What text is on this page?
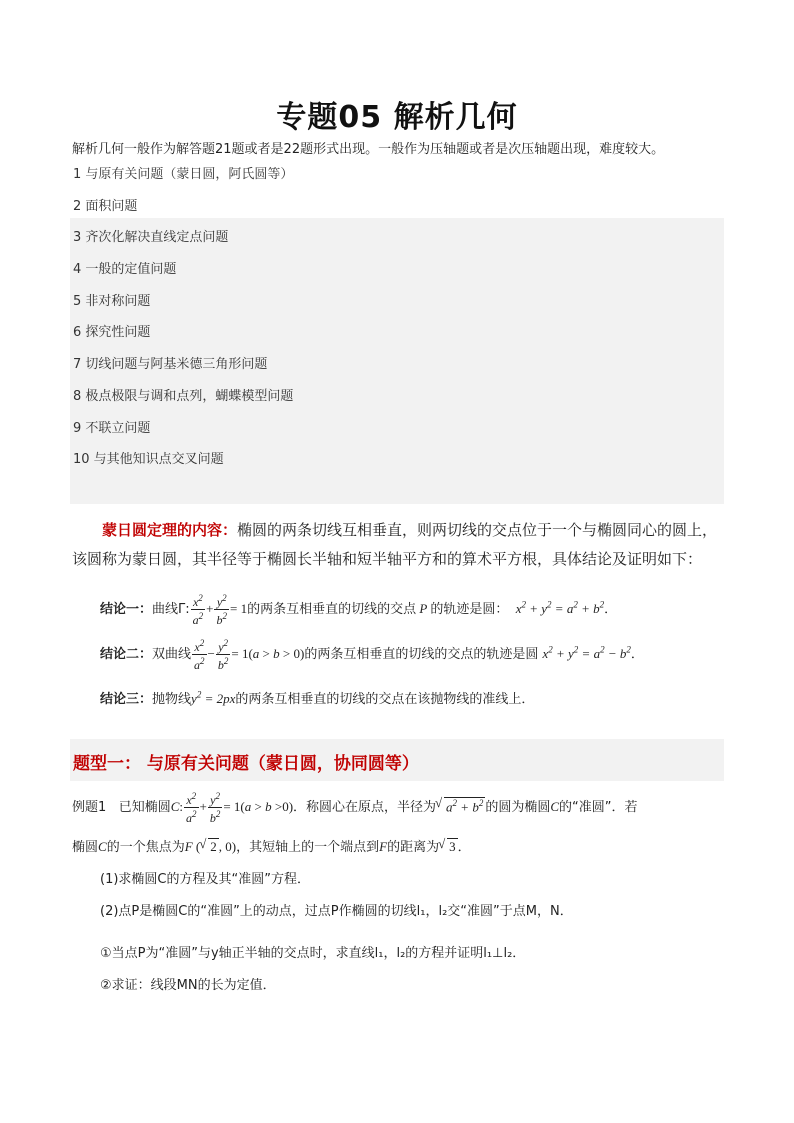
专题05 解析几何
解析几何一般作为解答题21题或者是22题形式出现。一般作为压轴题或者是次压轴题出现，难度较大。
1 与原有关问题（蒙日圆，阿氏圆等）
2 面积问题
3 齐次化解决直线定点问题
4 一般的定值问题
5 非对称问题
6 探究性问题
7 切线问题与阿基米德三角形问题
8 极点极限与调和点列，蝴蝶模型问题
9 不联立问题
10 与其他知识点交叉问题
蒙日圆定理的内容：椭圆的两条切线互相垂直，则两切线的交点位于一个与椭圆同心的圆上，该圆称为蒙日圆，其半径等于椭圆长半轴和短半轴平方和的算术平方根，具体结论及证明如下：
结论一：曲线Γ: $\frac{x^2}{a^2} + \frac{y^2}{b^2} = 1$的两条互相垂直的切线的交点 P 的轨迹是圆：  $x^2 + y^2 = a^2 + b^2$．
结论二：双曲线 $\frac{x^2}{a^2} - \frac{y^2}{b^2} = 1(a > b > 0)$的两条互相垂直的切线的交点的轨迹是圆 $x^2 + y^2 = a^2 - b^2$．
结论三：抛物线$y^2 = 2px$的两条互相垂直的切线的交点在该抛物线的准线上．
题型一： 与原有关问题（蒙日圆，协同圆等）
例题1 已知椭圆C: $\frac{x^2}{a^2} + \frac{y^2}{b^2} = 1(a > b >0)$．称圆心在原点，半径为 √ $a^2 + b^2$ 的圆为椭圆C的“准圆”．若
椭圆C的一个焦点为F ( √ 2 , 0)，其短轴上的一个端点到F的距离为 √ 3 ．
(1)求椭圆C的方程及其“准圆”方程．
(2)点P是椭圆C的“准圆”上的动点，过点P作椭圆的切线l₁，l₂交“准圆”于点M，N．
①当点P为“准圆”与y轴正半轴的交点时，求直线l₁，l₂的方程并证明l₁⊥l₂．
②求证：线段MN的长为定值．
